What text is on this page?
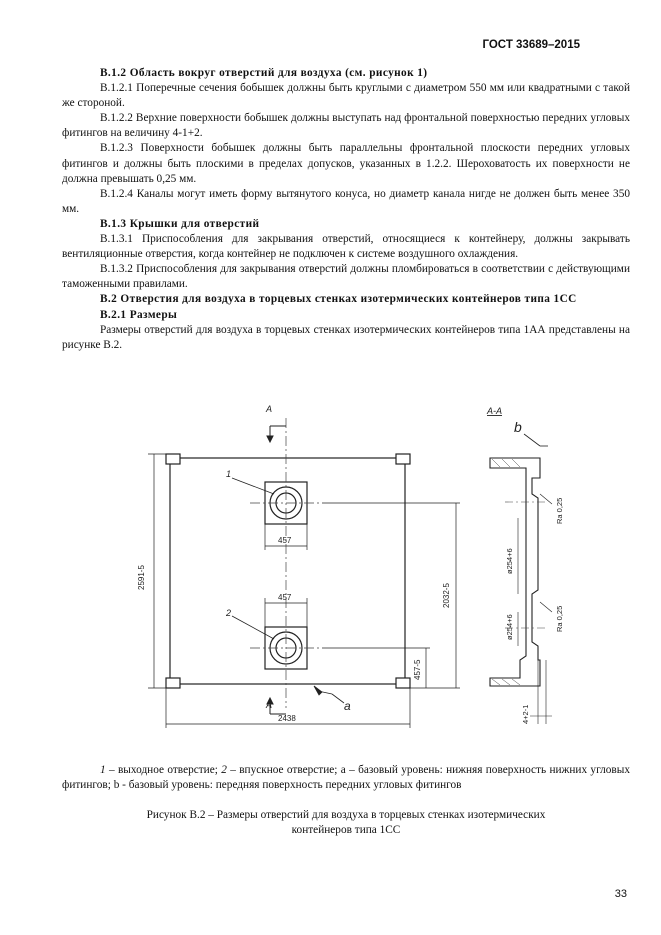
ГОСТ 33689–2015

В.1.2 Область вокруг отверстий для воздуха (см. рисунок 1)

В.1.2.1 Поперечные сечения бобышек должны быть круглыми с диаметром 550 мм или квадратными с такой же стороной.

В.1.2.2 Верхние поверхности бобышек должны выступать над фронтальной поверхностью передних угловых фитингов на величину 4-1+2.

В.1.2.3 Поверхности бобышек должны быть параллельны фронтальной плоскости передних угловых фитингов и должны быть плоскими в пределах допусков, указанных в 1.2.2. Шероховатость их поверхности не должна превышать 0,25 мм.

В.1.2.4 Каналы могут иметь форму вытянутого конуса, но диаметр канала нигде не должен быть менее 350 мм.

В.1.3 Крышки для отверстий

В.1.3.1 Приспособления для закрывания отверстий, относящиеся к контейнеру, должны закрывать вентиляционные отверстия, когда контейнер не подключен к системе воздушного охлаждения.

В.1.3.2 Приспособления для закрывания отверстий должны пломбироваться в соответствии с действующими таможенными правилами.

В.2 Отверстия для воздуха в торцевых стенках изотермических контейнеров типа 1СС

В.2.1 Размеры

Размеры отверстий для воздуха в торцевых стенках изотермических контейнеров типа 1АА представлены на рисунке В.2.

А
А
1
2
457
457
2591-5
2032-5
457-5
2438
a
А-А
b
ø254+6
ø254+6
Ra 0,25
Ra 0,25
4+2-1

1 – выходное отверстие; 2 – впускное отверстие; a – базовый уровень: нижняя поверхность нижних угловых фитингов; b - базовый уровень: передняя поверхность передних угловых фитингов

Рисунок В.2 – Размеры отверстий для воздуха в торцевых стенках изотермических
контейнеров типа 1СС
33
